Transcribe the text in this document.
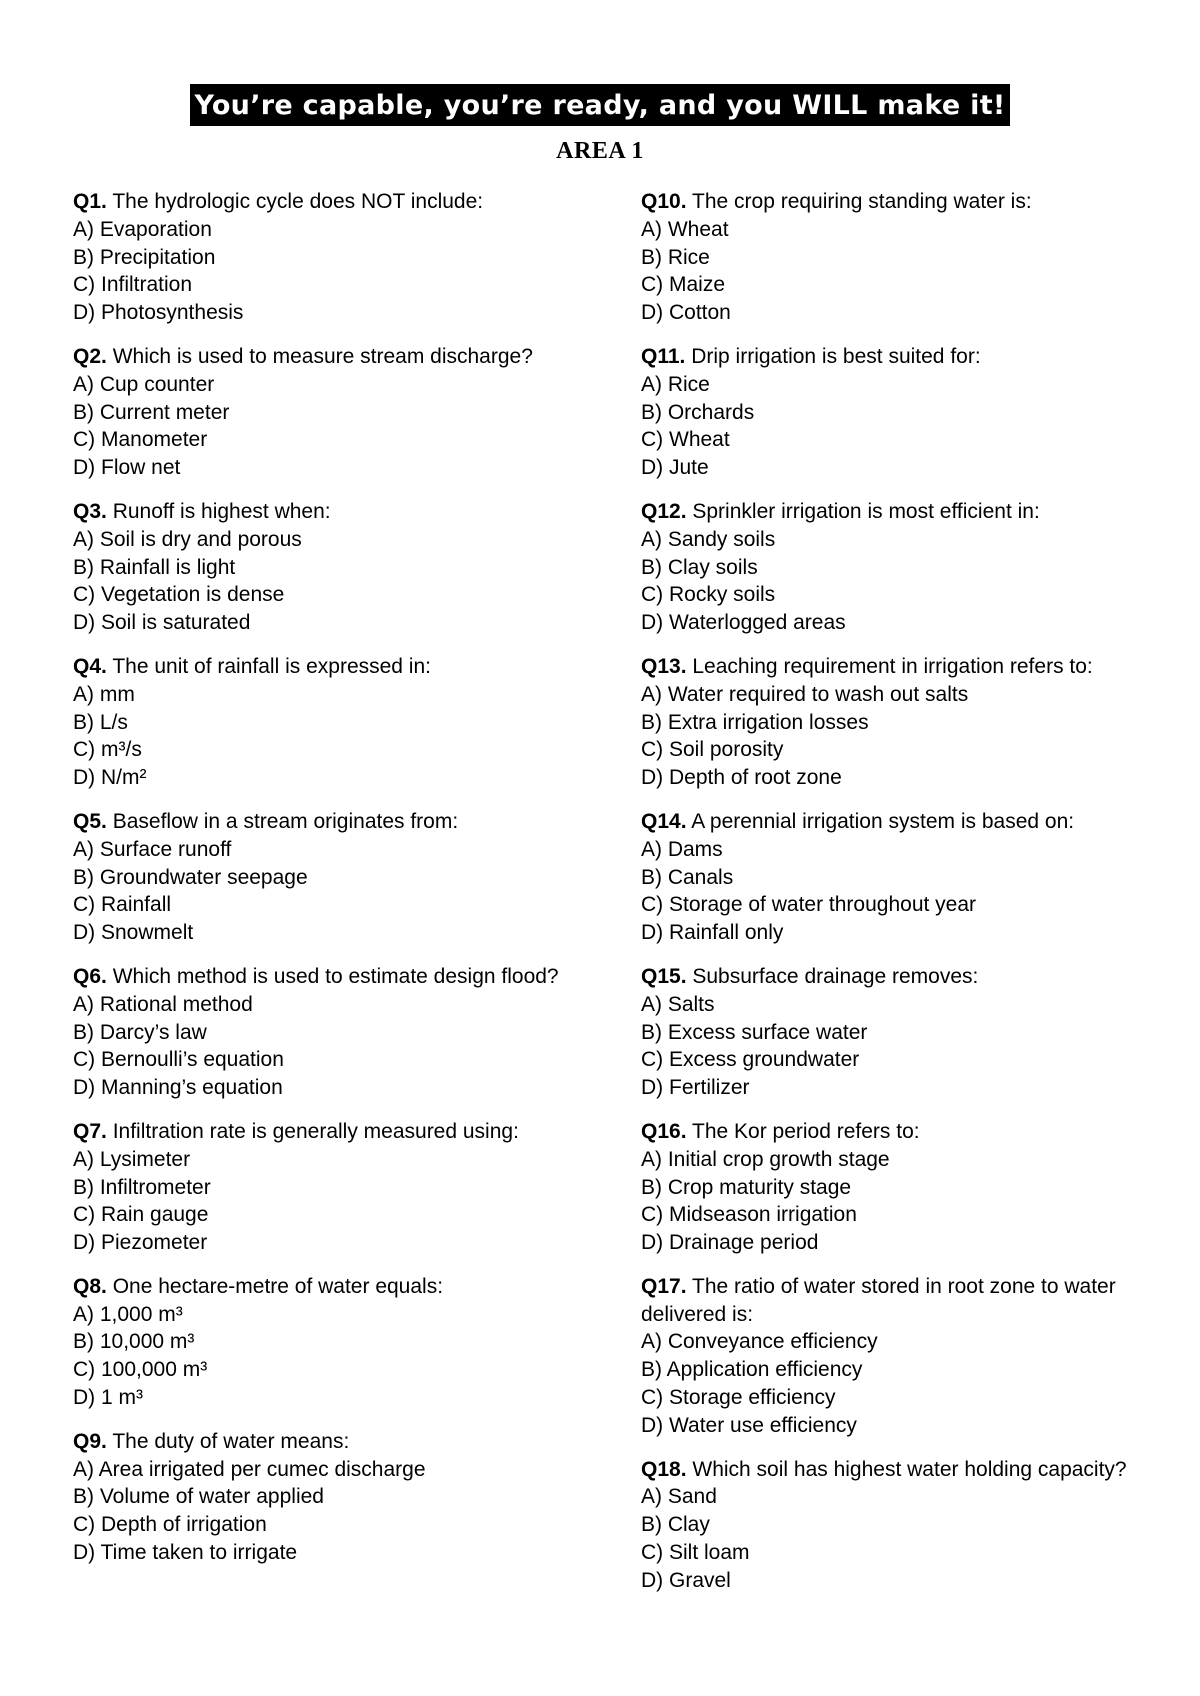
You’re capable, you’re ready, and you WILL make it!
AREA 1
Q1. The hydrologic cycle does NOT include:
A) Evaporation
B) Precipitation
C) Infiltration
D) Photosynthesis
Q2. Which is used to measure stream discharge?
A) Cup counter
B) Current meter
C) Manometer
D) Flow net
Q3. Runoff is highest when:
A) Soil is dry and porous
B) Rainfall is light
C) Vegetation is dense
D) Soil is saturated
Q4. The unit of rainfall is expressed in:
A) mm
B) L/s
C) m³/s
D) N/m²
Q5. Baseflow in a stream originates from:
A) Surface runoff
B) Groundwater seepage
C) Rainfall
D) Snowmelt
Q6. Which method is used to estimate design flood?
A) Rational method
B) Darcy’s law
C) Bernoulli’s equation
D) Manning’s equation
Q7. Infiltration rate is generally measured using:
A) Lysimeter
B) Infiltrometer
C) Rain gauge
D) Piezometer
Q8. One hectare-metre of water equals:
A) 1,000 m³
B) 10,000 m³
C) 100,000 m³
D) 1 m³
Q9. The duty of water means:
A) Area irrigated per cumec discharge
B) Volume of water applied
C) Depth of irrigation
D) Time taken to irrigate
Q10. The crop requiring standing water is:
A) Wheat
B) Rice
C) Maize
D) Cotton
Q11. Drip irrigation is best suited for:
A) Rice
B) Orchards
C) Wheat
D) Jute
Q12. Sprinkler irrigation is most efficient in:
A) Sandy soils
B) Clay soils
C) Rocky soils
D) Waterlogged areas
Q13. Leaching requirement in irrigation refers to:
A) Water required to wash out salts
B) Extra irrigation losses
C) Soil porosity
D) Depth of root zone
Q14. A perennial irrigation system is based on:
A) Dams
B) Canals
C) Storage of water throughout year
D) Rainfall only
Q15. Subsurface drainage removes:
A) Salts
B) Excess surface water
C) Excess groundwater
D) Fertilizer
Q16. The Kor period refers to:
A) Initial crop growth stage
B) Crop maturity stage
C) Midseason irrigation
D) Drainage period
Q17. The ratio of water stored in root zone to water delivered is:
A) Conveyance efficiency
B) Application efficiency
C) Storage efficiency
D) Water use efficiency
Q18. Which soil has highest water holding capacity?
A) Sand
B) Clay
C) Silt loam
D) Gravel
